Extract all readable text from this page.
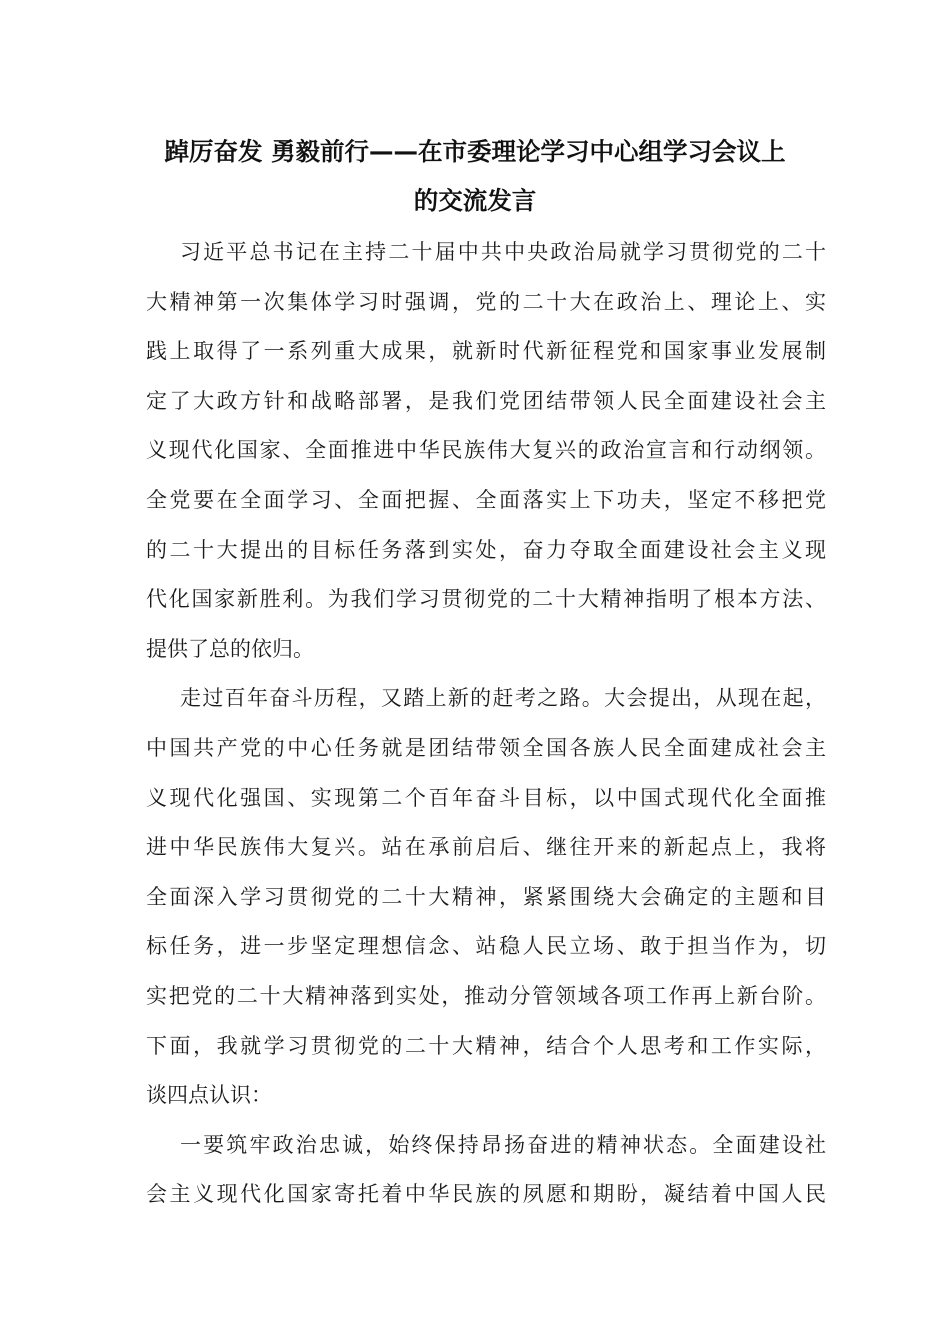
踔厉奋发 勇毅前行——在市委理论学习中心组学习会议上
的交流发言
习近平总书记在主持二十届中共中央政治局就学习贯彻党的二十
大精神第一次集体学习时强调，党的二十大在政治上、理论上、实
践上取得了一系列重大成果，就新时代新征程党和国家事业发展制
定了大政方针和战略部署，是我们党团结带领人民全面建设社会主
义现代化国家、全面推进中华民族伟大复兴的政治宣言和行动纲领。
全党要在全面学习、全面把握、全面落实上下功夫，坚定不移把党
的二十大提出的目标任务落到实处，奋力夺取全面建设社会主义现
代化国家新胜利。为我们学习贯彻党的二十大精神指明了根本方法、
提供了总的依归。
走过百年奋斗历程，又踏上新的赶考之路。大会提出，从现在起，
中国共产党的中心任务就是团结带领全国各族人民全面建成社会主
义现代化强国、实现第二个百年奋斗目标，以中国式现代化全面推
进中华民族伟大复兴。站在承前启后、继往开来的新起点上，我将
全面深入学习贯彻党的二十大精神，紧紧围绕大会确定的主题和目
标任务，进一步坚定理想信念、站稳人民立场、敢于担当作为，切
实把党的二十大精神落到实处，推动分管领域各项工作再上新台阶。
下面，我就学习贯彻党的二十大精神，结合个人思考和工作实际，
谈四点认识：
一要筑牢政治忠诚，始终保持昂扬奋进的精神状态。全面建设社
会主义现代化国家寄托着中华民族的夙愿和期盼，凝结着中国人民
